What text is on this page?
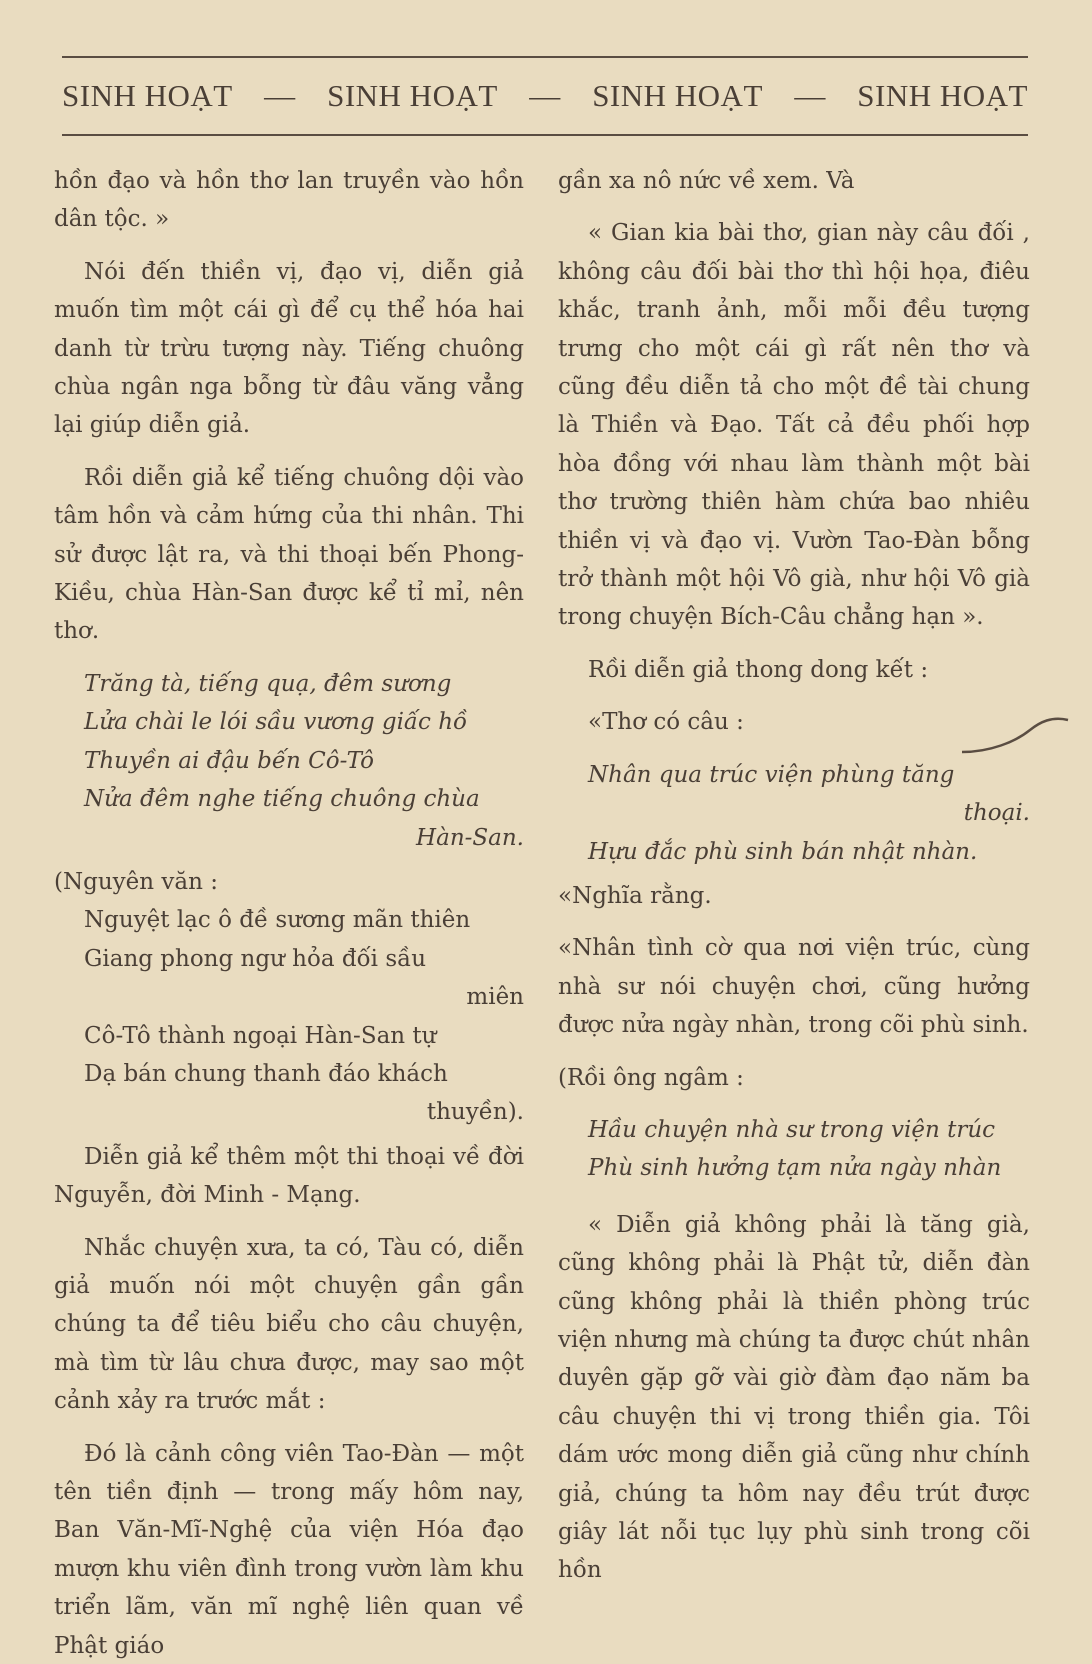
SINH HOẠT — SINH HOẠT — SINH HOẠT — SINH HOẠT

hồn đạo và hồn thơ lan truyền vào hồn dân tộc. »

Nói đến thiền vị, đạo vị, diễn giả muốn tìm một cái gì để cụ thể hóa hai danh từ trừu tượng này. Tiếng chuông chùa ngân nga bỗng từ đâu văng vẳng lại giúp diễn giả.

Rồi diễn giả kể tiếng chuông dội vào tâm hồn và cảm hứng của thi nhân. Thi sử được lật ra, và thi thoại bến Phong-Kiều, chùa Hàn-San được kể tỉ mỉ, nên thơ.

Trăng tà, tiếng quạ, đêm sương
Lửa chài le lói sầu vương giấc hồ
Thuyền ai đậu bến Cô-Tô
Nửa đêm nghe tiếng chuông chùa
Hàn-San.
(Nguyên văn :
Nguyệt lạc ô đề sương mãn thiên
Giang phong ngư hỏa đối sầu
miên
Cô-Tô thành ngoại Hàn-San tự
Dạ bán chung thanh đáo khách
thuyền).

Diễn giả kể thêm một thi thoại về đời Nguyễn, đời Minh - Mạng.

Nhắc chuyện xưa, ta có, Tàu có, diễn giả muốn nói một chuyện gần gần chúng ta để tiêu biểu cho câu chuyện, mà tìm từ lâu chưa được, may sao một cảnh xảy ra trước mắt :

Đó là cảnh công viên Tao-Đàn — một tên tiền định — trong mấy hôm nay, Ban Văn-Mĩ-Nghệ của viện Hóa đạo mượn khu viên đình trong vườn làm khu triển lãm, văn mĩ nghệ liên quan về Phật giáo

gần xa nô nức về xem. Và

« Gian kia bài thơ, gian này câu đối , không câu đối bài thơ thì hội họa, điêu khắc, tranh ảnh, mỗi mỗi đều tượng trưng cho một cái gì rất nên thơ và cũng đều diễn tả cho một đề tài chung là Thiền và Đạo. Tất cả đều phối hợp hòa đồng với nhau làm thành một bài thơ trường thiên hàm chứa bao nhiêu thiền vị và đạo vị. Vườn Tao-Đàn bỗng trở thành một hội Vô già, như hội Vô già trong chuyện Bích-Câu chẳng hạn ».

Rồi diễn giả thong dong kết :

«Thơ có câu :

Nhân qua trúc viện phùng tăng
thoại.
Hựu đắc phù sinh bán nhật nhàn.

«Nghĩa rằng.

«Nhân tình cờ qua nơi viện trúc, cùng nhà sư nói chuyện chơi, cũng hưởng được nửa ngày nhàn, trong cõi phù sinh.

(Rồi ông ngâm :

Hầu chuyện nhà sư trong viện trúc
Phù sinh hưởng tạm nửa ngày nhàn

« Diễn giả không phải là tăng già, cũng không phải là Phật tử, diễn đàn cũng không phải là thiền phòng trúc viện nhưng mà chúng ta được chút nhân duyên gặp gỡ vài giờ đàm đạo năm ba câu chuyện thi vị trong thiền gia. Tôi dám ước mong diễn giả cũng như chính giả, chúng ta hôm nay đều trút được giây lát nỗi tục lụy phù sinh trong cõi hồn
